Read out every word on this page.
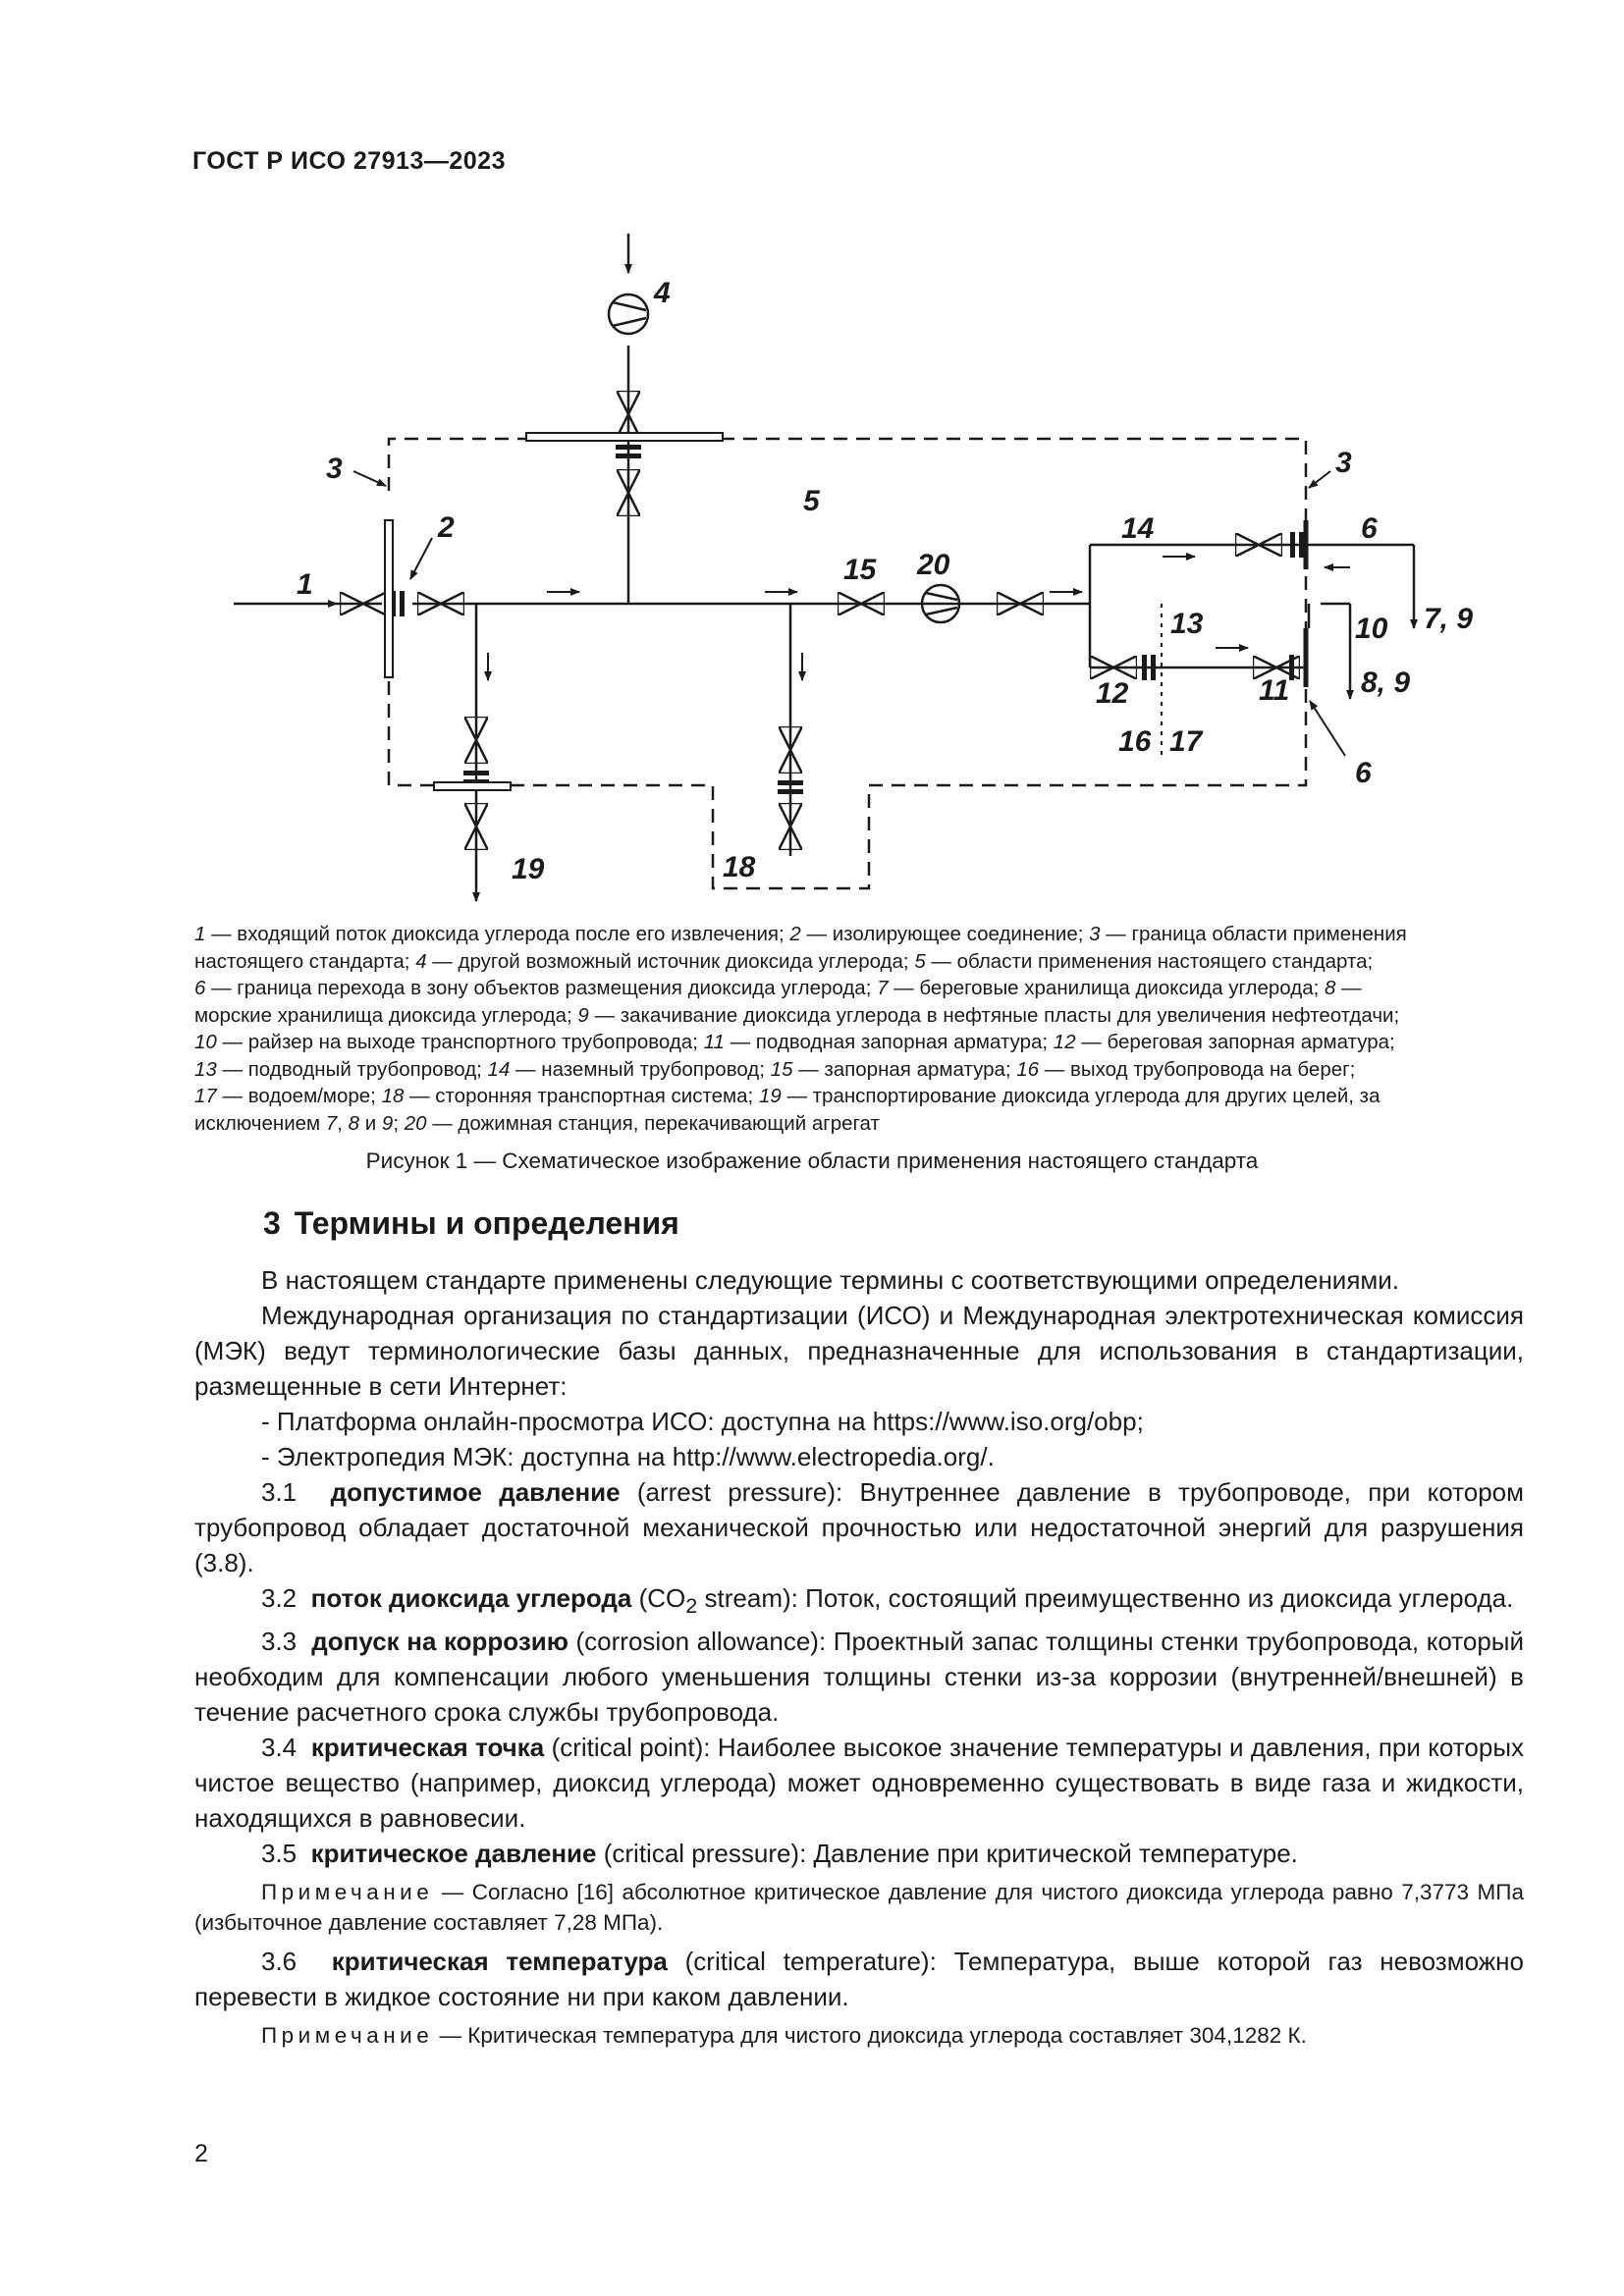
ГОСТ Р ИСО 27913—2023
1
2
3	3
4
5
6
6
7, 9
8, 9
10
11
12
13
14
15 20
16 17
18
19

1 — входящий поток диоксида углерода после его извлечения; 2 — изолирующее соединение; 3 — граница области применения

настоящего стандарта; 4 — другой возможный источник диоксида углерода; 5 — области применения настоящего стандарта;

6 — граница перехода в зону объектов размещения диоксида углерода; 7 — береговые хранилища диоксида углерода; 8 —

морские хранилища диоксида углерода; 9 — закачивание диоксида углерода в нефтяные пласты для увеличения нефтеотдачи;

10 — райзер на выходе транспортного трубопровода; 11 — подводная запорная арматура; 12 — береговая запорная арматура;

13 — подводный трубопровод; 14 — наземный трубопровод; 15 — запорная арматура; 16 — выход трубопровода на берег;

17 — водоем/море; 18 — сторонняя транспортная система; 19 — транспортирование диоксида углерода для других целей, за

исключением 7, 8 и 9; 20 — дожимная станция, перекачивающий агрегат

Рисунок 1 — Схематическое изображение области применения настоящего стандарта
3 Термины и определения

В настоящем стандарте применены следующие термины с соответствующими определениями.

Международная организация по стандартизации (ИСО) и Международная электротехническая комиссия (МЭК) ведут терминологические базы данных, предназначенные для использования в стандартизации, размещенные в сети Интернет:

- Платформа онлайн-просмотра ИСО: доступна на https://www.iso.org/obp;

- Электропедия МЭК: доступна на http://www.electropedia.org/.

3.1 допустимое давление (arrest pressure): Внутреннее давление в трубопроводе, при котором трубопровод обладает достаточной механической прочностью или недостаточной энергий для разрушения (3.8).

3.2 поток диоксида углерода ($CO_2$ stream): Поток, состоящий преимущественно из диоксида углерода.

3.3 допуск на коррозию (corrosion allowance): Проектный запас толщины стенки трубопровода, который необходим для компенсации любого уменьшения толщины стенки из-за коррозии (внутренней/внешней) в течение расчетного срока службы трубопровода.

3.4 критическая точка (critical point): Наиболее высокое значение температуры и давления, при которых чистое вещество (например, диоксид углерода) может одновременно существовать в виде газа и жидкости, находящихся в равновесии.

3.5 критическое давление (critical pressure): Давление при критической температуре.

Примечание — Согласно [16] абсолютное критическое давление для чистого диоксида углерода равно 7,3773 МПа (избыточное давление составляет 7,28 МПа).

3.6 критическая температура (critical temperature): Температура, выше которой газ невозможно перевести в жидкое состояние ни при каком давлении.

Примечание — Критическая температура для чистого диоксида углерода составляет 304,1282 К.

2
